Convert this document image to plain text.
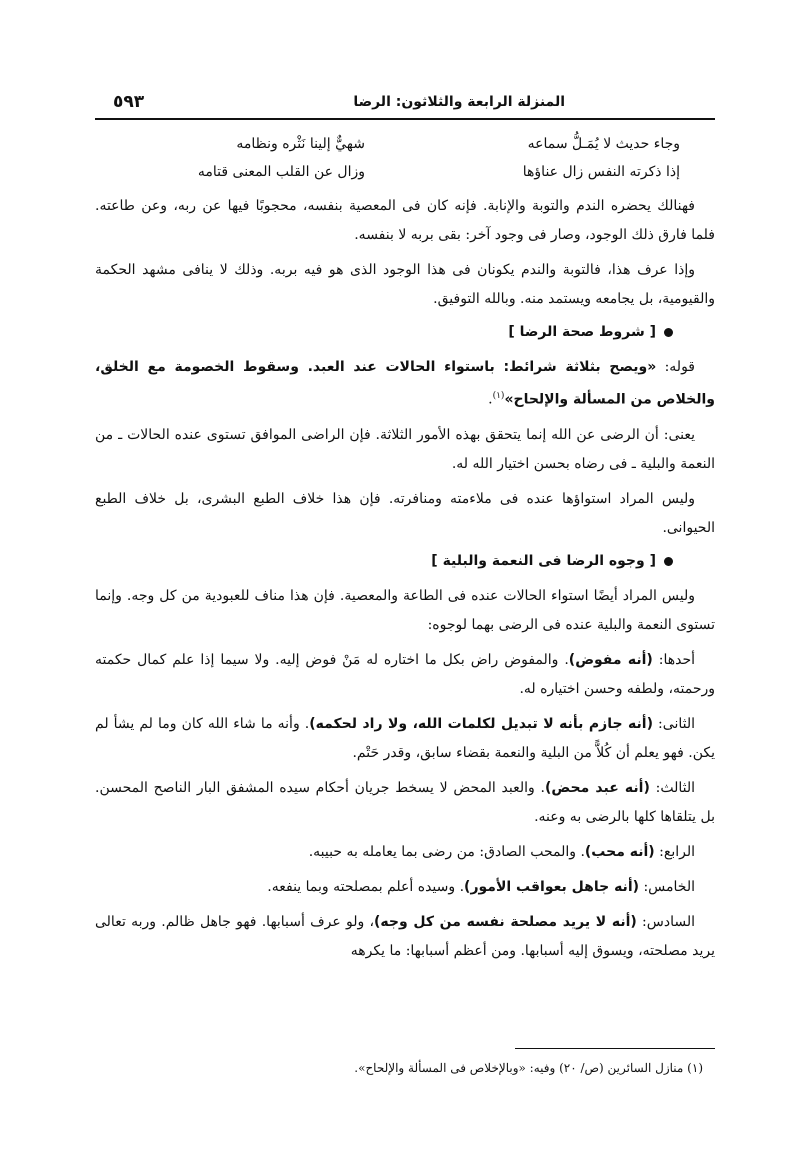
المنزلة الرابعة والثلاثون: الرضا
٥٩٣
وجاء حديث لا يُمَـلُّ سماعه
شهيٌّ إلينا نَثْره ونظامه
إذا ذكرته النفس زال عناؤها
وزال عن القلب المعنى قتامه

فهنالك يحضره الندم والتوبة والإنابة. فإنه كان فى المعصية بنفسه، محجوبًا فيها عن ربه، وعن طاعته. فلما فارق ذلك الوجود، وصار فى وجود آخر: بقى بربه لا بنفسه.

وإذا عرف هذا، فالتوبة والندم يكونان فى هذا الوجود الذى هو فيه بربه. وذلك لا ينافى مشهد الحكمة والقيومية، بل يجامعه ويستمد منه. وبالله التوفيق.

[ شروط صحة الرضا ]

قوله: «ويصح بثلاثة شرائط: باستواء الحالات عند العبد. وسقوط الخصومة مع الخلق، والخلاص من المسألة والإلحاح»$^{(١)}$.

يعنى: أن الرضى عن الله إنما يتحقق بهذه الأمور الثلاثة. فإن الراضى الموافق تستوى عنده الحالات ـ من النعمة والبلية ـ فى رضاه بحسن اختيار الله له.

وليس المراد استواؤها عنده فى ملاءمته ومنافرته. فإن هذا خلاف الطبع البشرى، بل خلاف الطبع الحيوانى.

[ وجوه الرضا فى النعمة والبلية ]

وليس المراد أيضًا استواء الحالات عنده فى الطاعة والمعصية. فإن هذا مناف للعبودية من كل وجه. وإنما تستوى النعمة والبلية عنده فى الرضى بهما لوجوه:

أحدها: (أنه مفوض). والمفوض راض بكل ما اختاره له مَنْ فوض إليه. ولا سيما إذا علم كمال حكمته ورحمته، ولطفه وحسن اختياره له.

الثانى: (أنه جازم بأنه لا تبديل لكلمات الله، ولا راد لحكمه). وأنه ما شاء الله كان وما لم يشأ لم يكن. فهو يعلم أن كُلاًّ من البلية والنعمة بقضاء سابق، وقدر حَتْم.

الثالث: (أنه عبد محض). والعبد المحض لا يسخط جريان أحكام سيده المشفق البار الناصح المحسن. بل يتلقاها كلها بالرضى به وعنه.

الرابع: (أنه محب). والمحب الصادق: من رضى بما يعامله به حبيبه.

الخامس: (أنه جاهل بعواقب الأمور). وسيده أعلم بمصلحته وبما ينفعه.

السادس: (أنه لا يريد مصلحة نفسه من كل وجه)، ولو عرف أسبابها. فهو جاهل ظالم. وربه تعالى يريد مصلحته، ويسوق إليه أسبابها. ومن أعظم أسبابها: ما يكرهه

(١) منازل السائرين (ص/ ٢٠) وفيه: «وبالإخلاص فى المسألة والإلحاح».
